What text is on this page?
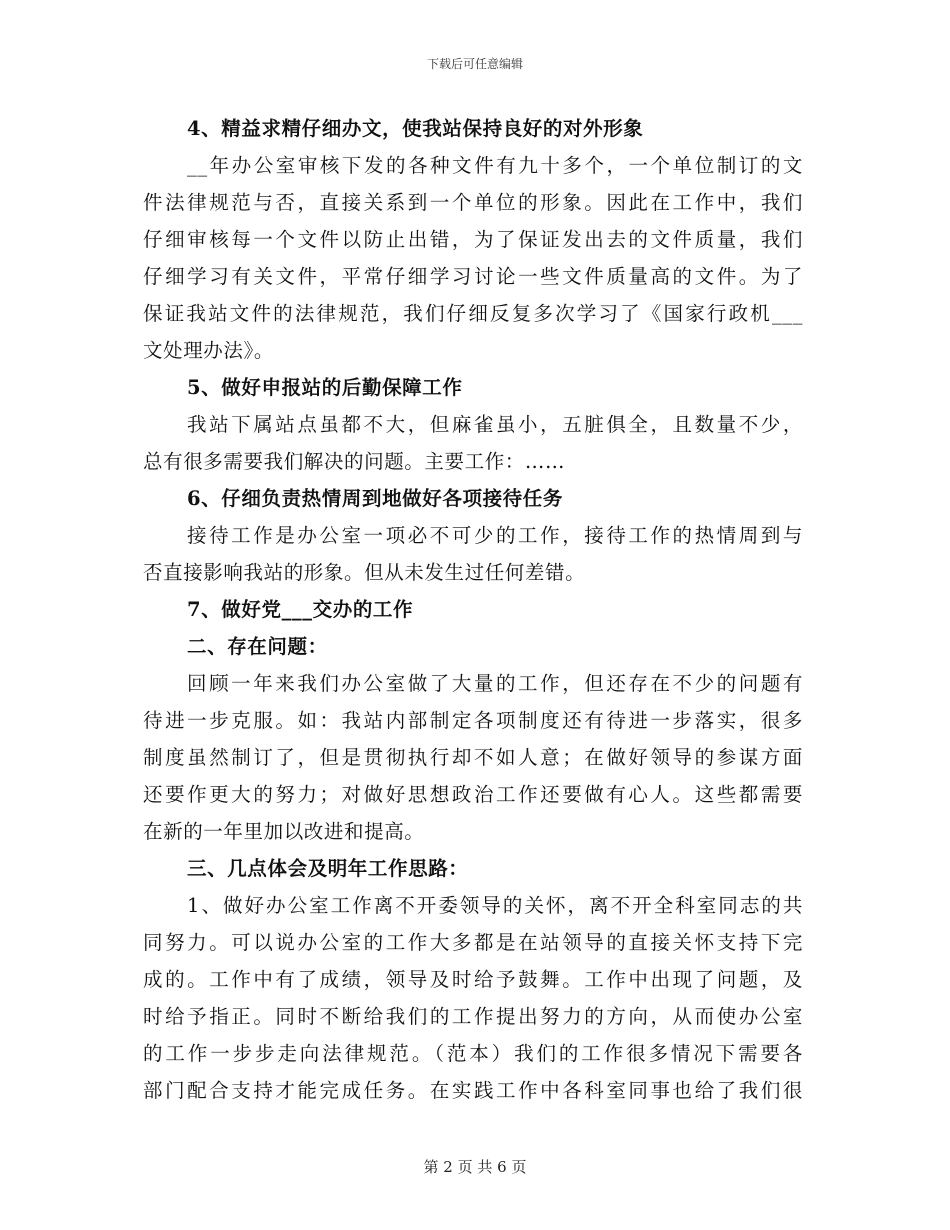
下载后可任意编辑
4、精益求精仔细办文，使我站保持良好的对外形象
__年办公室审核下发的各种文件有九十多个，一个单位制订的文
件法律规范与否，直接关系到一个单位的形象。因此在工作中，我们
仔细审核每一个文件以防止出错，为了保证发出去的文件质量，我们
仔细学习有关文件，平常仔细学习讨论一些文件质量高的文件。为了
保证我站文件的法律规范，我们仔细反复多次学习了《国家行政机___
文处理办法》。
5、做好申报站的后勤保障工作
我站下属站点虽都不大，但麻雀虽小，五脏俱全，且数量不少，
总有很多需要我们解决的问题。主要工作：……
6、仔细负责热情周到地做好各项接待任务
接待工作是办公室一项必不可少的工作，接待工作的热情周到与
否直接影响我站的形象。但从未发生过任何差错。
7、做好党___交办的工作
二、存在问题：
回顾一年来我们办公室做了大量的工作，但还存在不少的问题有
待进一步克服。如：我站内部制定各项制度还有待进一步落实，很多
制度虽然制订了，但是贯彻执行却不如人意；在做好领导的参谋方面
还要作更大的努力；对做好思想政治工作还要做有心人。这些都需要
在新的一年里加以改进和提高。
三、几点体会及明年工作思路：
1、做好办公室工作离不开委领导的关怀，离不开全科室同志的共
同努力。可以说办公室的工作大多都是在站领导的直接关怀支持下完
成的。工作中有了成绩，领导及时给予鼓舞。工作中出现了问题，及
时给予指正。同时不断给我们的工作提出努力的方向，从而使办公室
的工作一步步走向法律规范。（范本）我们的工作很多情况下需要各
部门配合支持才能完成任务。在实践工作中各科室同事也给了我们很
第 2 页 共 6 页
